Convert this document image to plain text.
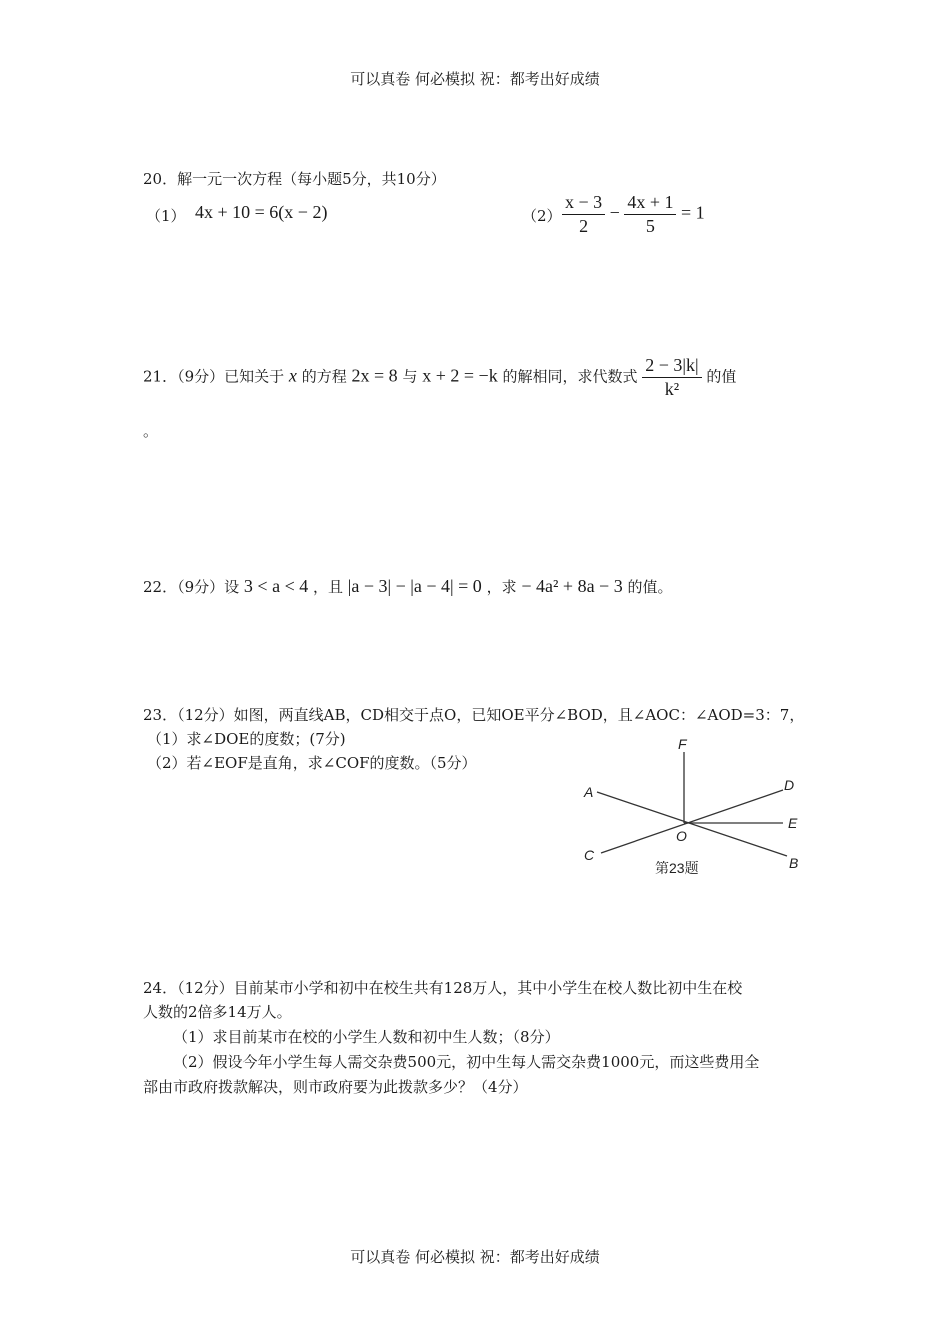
可以真卷 何必模拟 祝：都考出好成绩
20．解一元一次方程（每小题5分，共10分）
（1） 4x + 10 = 6(x − 2)	$(2) \frac{x - 3}{2} - \frac{4x + 1}{5} = 1$
21．（9分）已知关于 x 的方程 2x = 8 与 x + 2 = −k 的解相同，求代数式 $\frac{2 - 3|k|}{\text{k²}}$ 的值
。
22．（9分）设 3 < a < 4 ，且 |a − 3| − |a − 4| = 0 ，求 − 4a² + 8a − 3 的值。
23．（12分）如图，两直线AB，CD相交于点O，已知OE平分∠BOD，且∠AOC：∠AOD=3：7，
（1）求∠DOE的度数；(7分)
（2）若∠EOF是直角，求∠COF的度数。（5分）
F
A	D
E
O
C	B
第23题
24．（12分）目前某市小学和初中在校生共有128万人，其中小学生在校人数比初中生在校
人数的2倍多14万人。
（1）求目前某市在校的小学生人数和初中生人数；（8分）
（2）假设今年小学生每人需交杂费500元，初中生每人需交杂费1000元，而这些费用全
部由市政府拨款解决，则市政府要为此拨款多少？（4分）
可以真卷 何必模拟 祝：都考出好成绩
